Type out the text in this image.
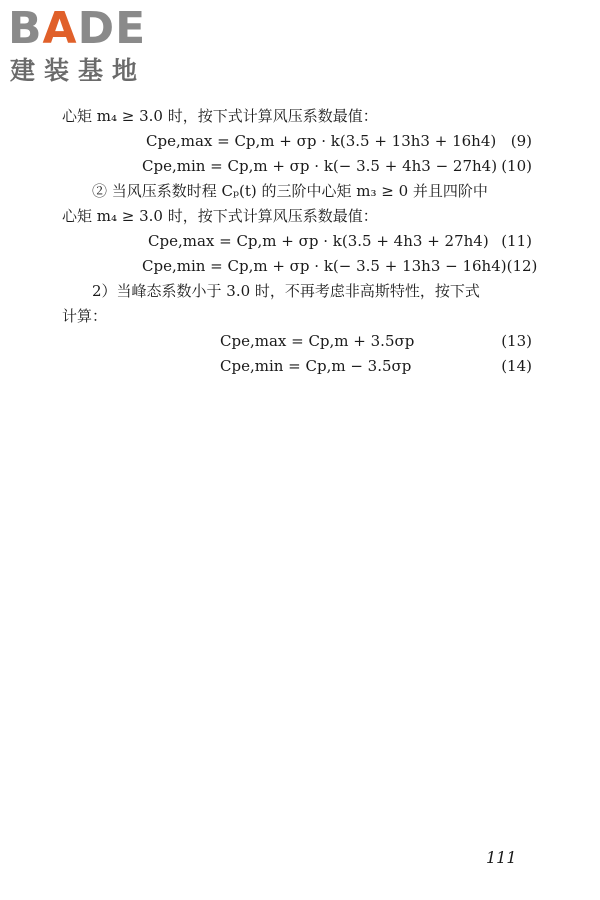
BADE
建装基地

心矩 m₄ ≥ 3.0 时，按下式计算风压系数最值：

Cpe,max = Cp,m + σp · k(3.5 + 13h3 + 16h4) (9)
Cpe,min = Cp,m + σp · k(− 3.5 + 4h3 − 27h4) (10)

② 当风压系数时程 Cₚ(t) 的三阶中心矩 m₃ ≥ 0 并且四阶中

心矩 m₄ ≥ 3.0 时，按下式计算风压系数最值：

Cpe,max = Cp,m + σp · k(3.5 + 4h3 + 27h4) (11)
Cpe,min = Cp,m + σp · k(− 3.5 + 13h3 − 16h4) (12)

2）当峰态系数小于 3.0 时，不再考虑非高斯特性，按下式

计算：

Cpe,max = Cp,m + 3.5σp	(13)
Cpe,min = Cp,m − 3.5σp	(14)
111
